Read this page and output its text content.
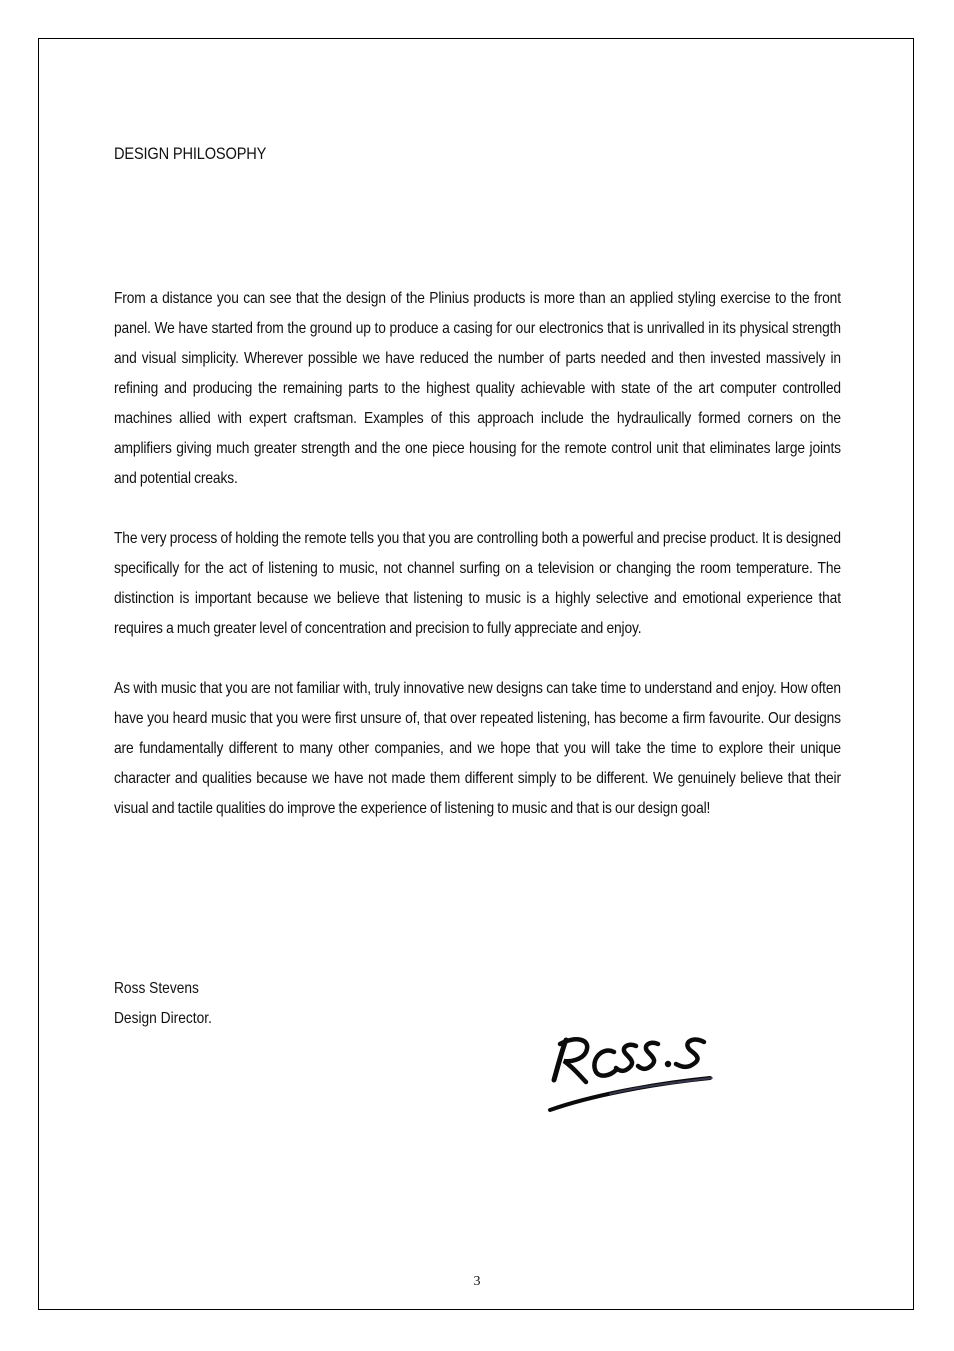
DESIGN PHILOSOPHY

From a distance you can see that the design of the Plinius products is more than an applied styling exercise to the front panel. We have started from the ground up to produce a casing for our electronics that is unrivalled in its physical strength and visual simplicity. Wherever possible we have reduced the number of parts needed and then invested massively in refining and producing the remaining parts to the highest quality achievable with state of the art computer controlled machines allied with expert craftsman. Examples of this approach include the hydraulically formed corners on the amplifiers giving much greater strength and the one piece housing for the remote control unit that eliminates large joints and potential creaks.

The very process of holding the remote tells you that you are controlling both a powerful and precise product. It is designed specifically for the act of listening to music, not channel surfing on a television or changing the room temperature. The distinction is important because we believe that listening to music is a highly selective and emotional experience that requires a much greater level of concentration and precision to fully appreciate and enjoy.

As with music that you are not familiar with, truly innovative new designs can take time to understand and enjoy. How often have you heard music that you were first unsure of, that over repeated listening, has become a firm favourite. Our designs are fundamentally different to many other companies, and we hope that you will take the time to explore their unique character and qualities because we have not made them different simply to be different. We genuinely believe that their visual and tactile qualities do improve the experience of listening to music and that is our design goal!

Ross Stevens
Design Director.
3
